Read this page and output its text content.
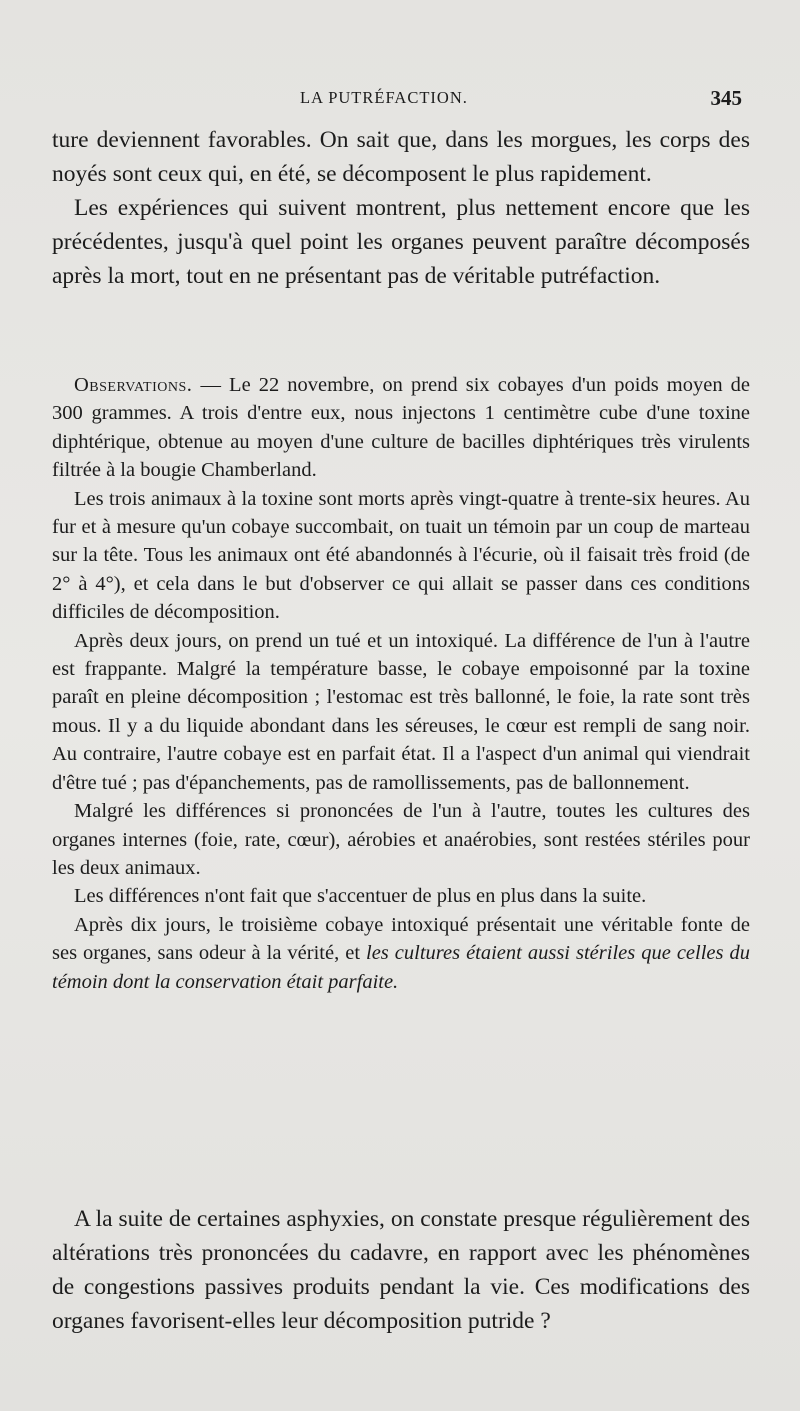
LA PUTRÉFACTION.	345

ture deviennent favorables. On sait que, dans les morgues, les corps des noyés sont ceux qui, en été, se décomposent le plus rapidement.

Les expériences qui suivent montrent, plus nettement encore que les précédentes, jusqu'à quel point les organes peuvent paraître décomposés après la mort, tout en ne présentant pas de véritable putréfaction.

Observations. — Le 22 novembre, on prend six cobayes d'un poids moyen de 300 grammes. A trois d'entre eux, nous injectons 1 centimètre cube d'une toxine diphtérique, obtenue au moyen d'une culture de bacilles diphtériques très virulents filtrée à la bougie Chamberland.

Les trois animaux à la toxine sont morts après vingt-quatre à trente-six heures. Au fur et à mesure qu'un cobaye succombait, on tuait un témoin par un coup de marteau sur la tête. Tous les animaux ont été abandonnés à l'écurie, où il faisait très froid (de 2° à 4°), et cela dans le but d'observer ce qui allait se passer dans ces conditions difficiles de décomposition.

Après deux jours, on prend un tué et un intoxiqué. La différence de l'un à l'autre est frappante. Malgré la température basse, le cobaye empoisonné par la toxine paraît en pleine décomposition ; l'estomac est très ballonné, le foie, la rate sont très mous. Il y a du liquide abondant dans les séreuses, le cœur est rempli de sang noir. Au contraire, l'autre cobaye est en parfait état. Il a l'aspect d'un animal qui viendrait d'être tué ; pas d'épanchements, pas de ramollissements, pas de ballonnement.

Malgré les différences si prononcées de l'un à l'autre, toutes les cultures des organes internes (foie, rate, cœur), aérobies et anaérobies, sont restées stériles pour les deux animaux.

Les différences n'ont fait que s'accentuer de plus en plus dans la suite.

Après dix jours, le troisième cobaye intoxiqué présentait une véritable fonte de ses organes, sans odeur à la vérité, et les cultures étaient aussi stériles que celles du témoin dont la conservation était parfaite.

A la suite de certaines asphyxies, on constate presque régulièrement des altérations très prononcées du cadavre, en rapport avec les phénomènes de congestions passives produits pendant la vie. Ces modifications des organes favorisent-elles leur décomposition putride ?
